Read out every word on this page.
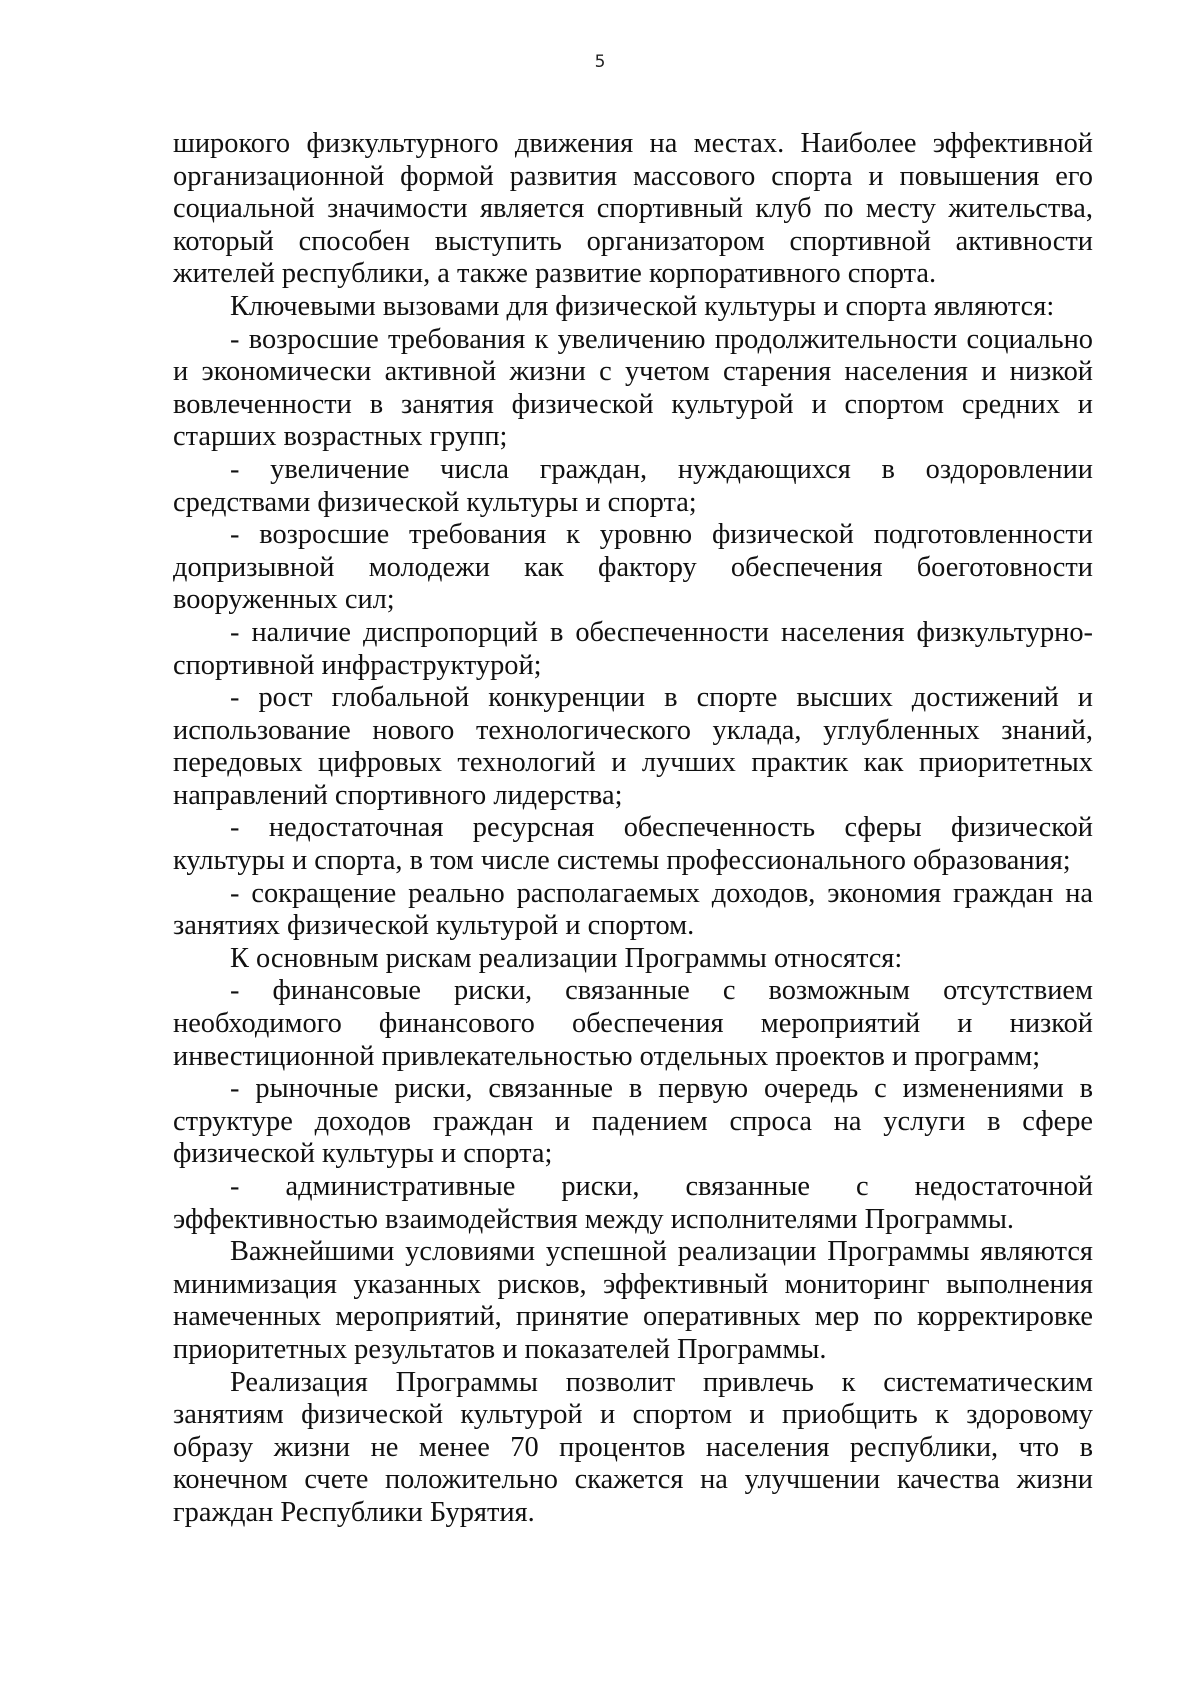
5

широкого физкультурного движения на местах. Наиболее эффективной организационной формой развития массового спорта и повышения его социальной значимости является спортивный клуб по месту жительства, который способен выступить организатором спортивной активности жителей республики, а также развитие корпоративного спорта.

Ключевыми вызовами для физической культуры и спорта являются:

- возросшие требования к увеличению продолжительности социально и экономически активной жизни с учетом старения населения и низкой вовлеченности в занятия физической культурой и спортом средних и старших возрастных групп;

- увеличение числа граждан, нуждающихся в оздоровлении средствами физической культуры и спорта;

- возросшие требования к уровню физической подготовленности допризывной молодежи как фактору обеспечения боеготовности вооруженных сил;

- наличие диспропорций в обеспеченности населения физкультурно-спортивной инфраструктурой;

- рост глобальной конкуренции в спорте высших достижений и использование нового технологического уклада, углубленных знаний, передовых цифровых технологий и лучших практик как приоритетных направлений спортивного лидерства;

- недостаточная ресурсная обеспеченность сферы физической культуры и спорта, в том числе системы профессионального образования;

- сокращение реально располагаемых доходов, экономия граждан на занятиях физической культурой и спортом.

К основным рискам реализации Программы относятся:

- финансовые риски, связанные с возможным отсутствием необходимого финансового обеспечения мероприятий и низкой инвестиционной привлекательностью отдельных проектов и программ;

- рыночные риски, связанные в первую очередь с изменениями в структуре доходов граждан и падением спроса на услуги в сфере физической культуры и спорта;

- административные риски, связанные с недостаточной эффективностью взаимодействия между исполнителями Программы.

Важнейшими условиями успешной реализации Программы являются минимизация указанных рисков, эффективный мониторинг выполнения намеченных мероприятий, принятие оперативных мер по корректировке приоритетных результатов и показателей Программы.

Реализация Программы позволит привлечь к систематическим занятиям физической культурой и спортом и приобщить к здоровому образу жизни не менее 70 процентов населения республики, что в конечном счете положительно скажется на улучшении качества жизни граждан Республики Бурятия.
